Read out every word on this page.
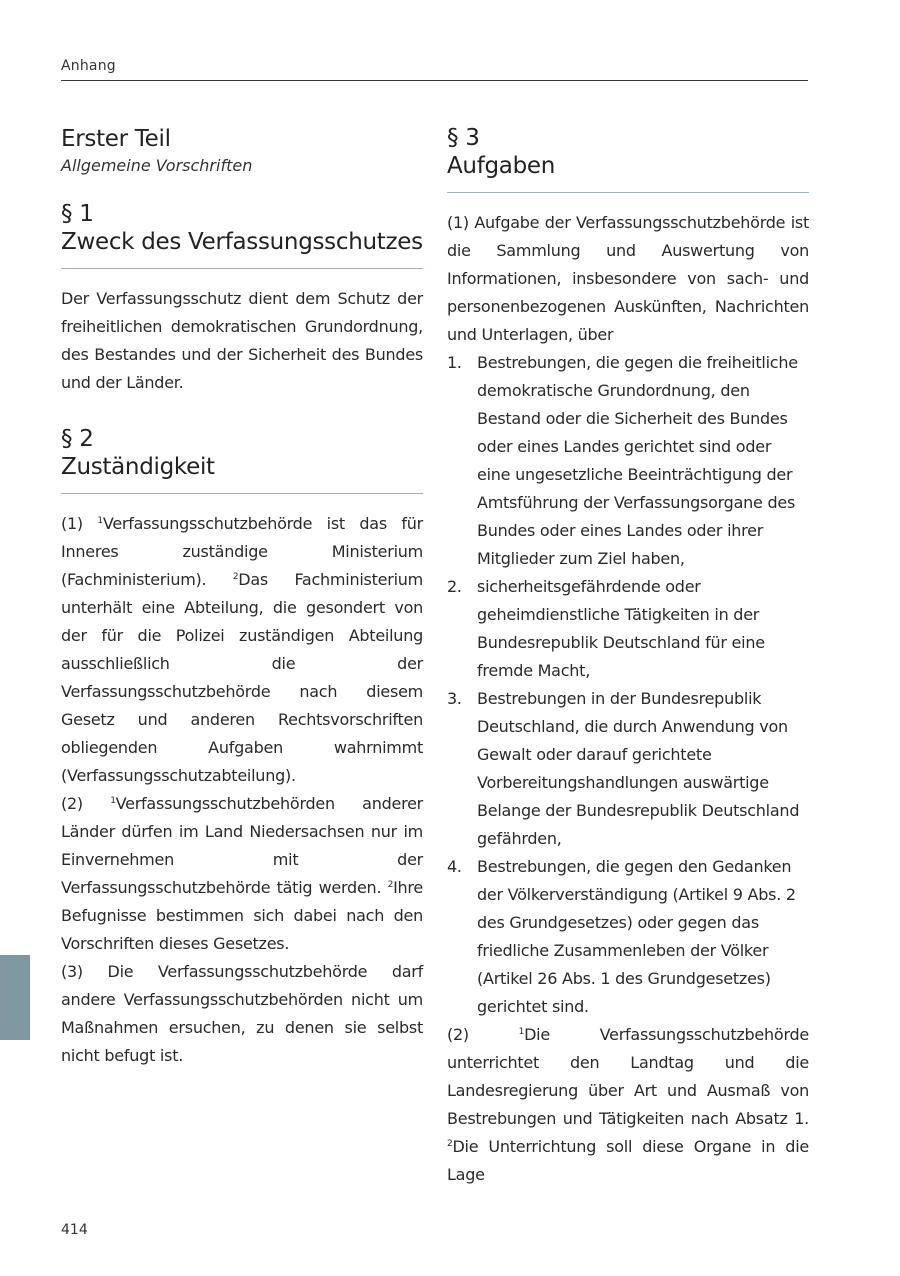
Anhang
Erster Teil
Allgemeine Vorschriften
§ 1
Zweck des Verfassungsschutzes

Der Verfassungsschutz dient dem Schutz der freiheitlichen demokratischen Grundordnung, des Bestandes und der Sicherheit des Bundes und der Länder.

§ 2
Zuständigkeit

(1) $^1$Verfassungsschutzbehörde ist das für Inneres zuständige Ministerium (Fachministerium).	$^2$Das Fachministerium unterhält eine Abteilung, die gesondert von der für die Polizei zuständigen Abteilung ausschließlich die der Verfassungsschutzbehörde nach diesem Gesetz und anderen Rechtsvorschriften obliegenden Aufgaben wahrnimmt (Verfassungsschutzabteilung).

(2)	$^1$Verfassungsschutzbehörden anderer Länder dürfen im Land Niedersachsen nur im Einvernehmen mit der Verfassungsschutzbehörde tätig werden. $^2$Ihre Befugnisse bestimmen sich dabei nach den Vorschriften dieses Gesetzes.

(3) Die Verfassungsschutzbehörde darf andere Verfassungsschutzbehörden nicht um Maßnahmen ersuchen, zu denen sie selbst nicht befugt ist.

§ 3
Aufgaben

(1) Aufgabe der Verfassungsschutzbehörde ist die Sammlung und Auswertung von Informationen, insbesondere von sach- und personenbezogenen Auskünften, Nachrichten und Unterlagen, über

1. Bestrebungen, die gegen die freiheitliche demokratische Grundordnung, den Bestand oder die Sicherheit des Bundes oder eines Landes gerichtet sind oder eine ungesetzliche Beeinträchtigung der Amtsführung der Verfassungsorgane des Bundes oder eines Landes oder ihrer Mitglieder zum Ziel haben,
2. sicherheitsgefährdende oder geheimdienstliche Tätigkeiten in der Bundesrepublik Deutschland für eine fremde Macht,
3. Bestrebungen in der Bundesrepublik Deutschland, die durch Anwendung von Gewalt oder darauf gerichtete Vorbereitungshandlungen auswärtige Belange der Bundesrepublik Deutschland gefährden,
4. Bestrebungen, die gegen den Gedanken der Völkerverständigung (Artikel 9 Abs. 2 des Grundgesetzes) oder gegen das friedliche Zusammenleben der Völker (Artikel 26 Abs. 1 des Grundgesetzes) gerichtet sind.

(2)	$^1$Die Verfassungsschutzbehörde unterrichtet den Landtag und die Landesregierung über Art und Ausmaß von Bestrebungen und Tätigkeiten nach Absatz 1. $^2$Die Unterrichtung soll diese Organe in die Lage

414
